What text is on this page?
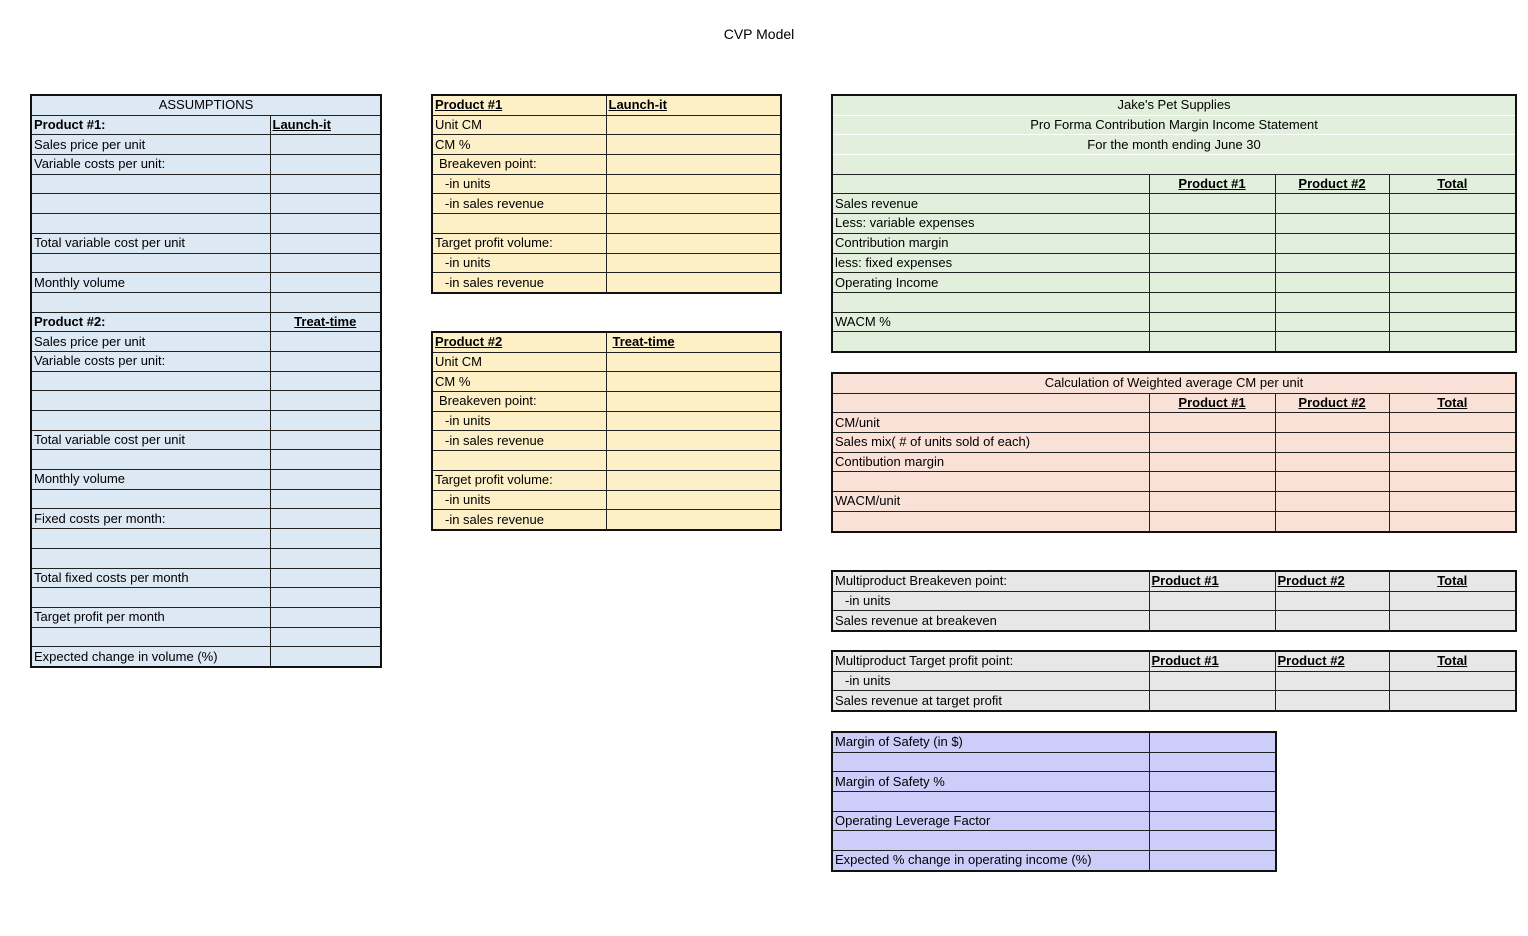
CVP Model
ASSUMPTIONS	
Product #1:	Launch-it
Sales price per unit	
Variable costs per unit:	

Total variable cost per unit	

Monthly volume	

Product #2:	Treat-time
Sales price per unit	
Variable costs per unit:	

Total variable cost per unit	

Monthly volume	

Fixed costs per month:	

Total fixed costs per month	

Target profit per month	

Expected change in volume (%)	
Product #1	Launch-it
Unit CM	
CM %	
Breakeven point:	
-in units	
-in sales revenue	

Target profit volume:	
-in units	
-in sales revenue	
Product #2	Treat-time
Unit CM	
CM %	
Breakeven point:	
-in units	
-in sales revenue	

Target profit volume:	
-in units	
-in sales revenue	
Jake's Pet Supplies			
Pro Forma Contribution Margin Income Statement			
For the month ending June 30			

	Product #1	Product #2	Total
Sales revenue			
Less: variable expenses			
Contribution margin			
less: fixed expenses			
Operating Income			

WACM %			

Calculation of Weighted average CM per unit			
	Product #1	Product #2	Total
CM/unit			
Sales mix( # of units sold of each)			
Contibution margin			

WACM/unit			

Multiproduct Breakeven point:	Product #1	Product #2	Total
-in units			
Sales revenue at breakeven			
Multiproduct Target profit point:	Product #1	Product #2	Total
-in units			
Sales revenue at target profit			
Margin of Safety (in $)	

Margin of Safety %	

Operating Leverage Factor	

Expected % change in operating income (%)	
